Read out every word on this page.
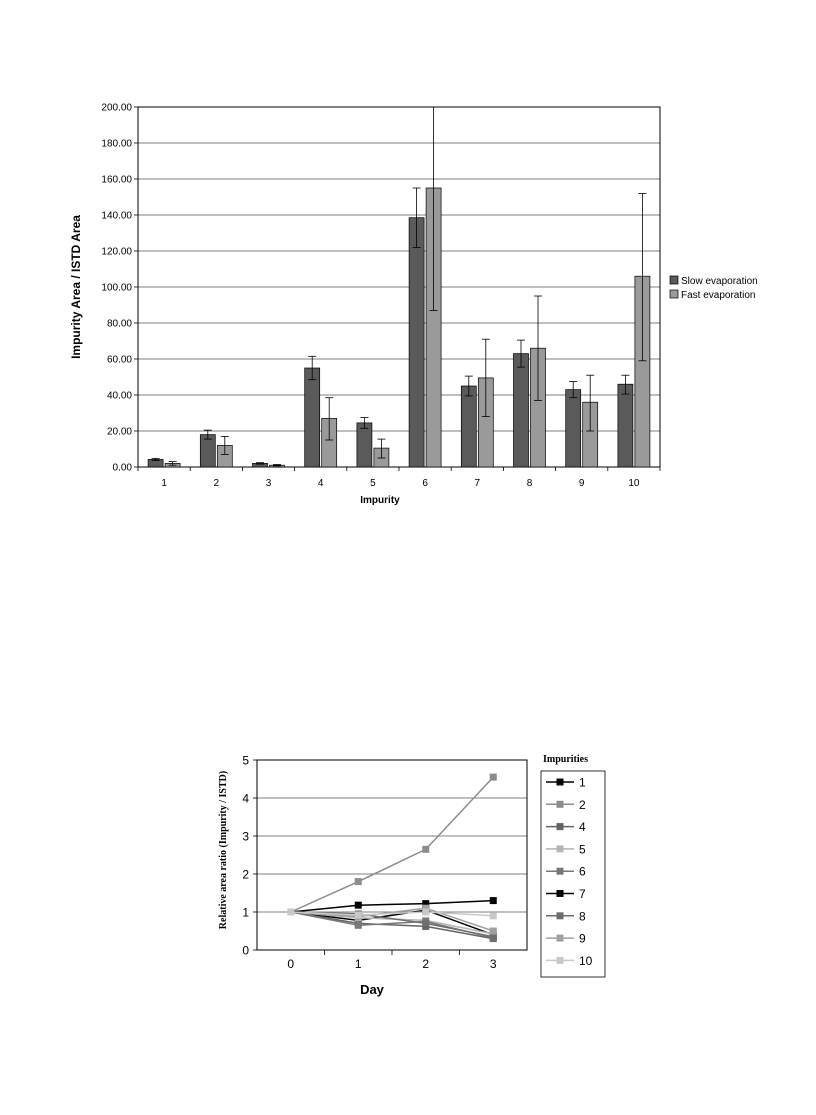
0.00
20.00
40.00
60.00
80.00
100.00
120.00
140.00
160.00
180.00
200.00
1	2	3	4	5	6	7	8	9	10
Impurity
Impurity Area / ISTD Area	Slow evaporation
Fast evaporation
0
1
2
3
4
5
0	1	2	3
Day
Relative area ratio (Impurity / ISTD)
Impurities
1
2
4
5
6
7
8
9
10
